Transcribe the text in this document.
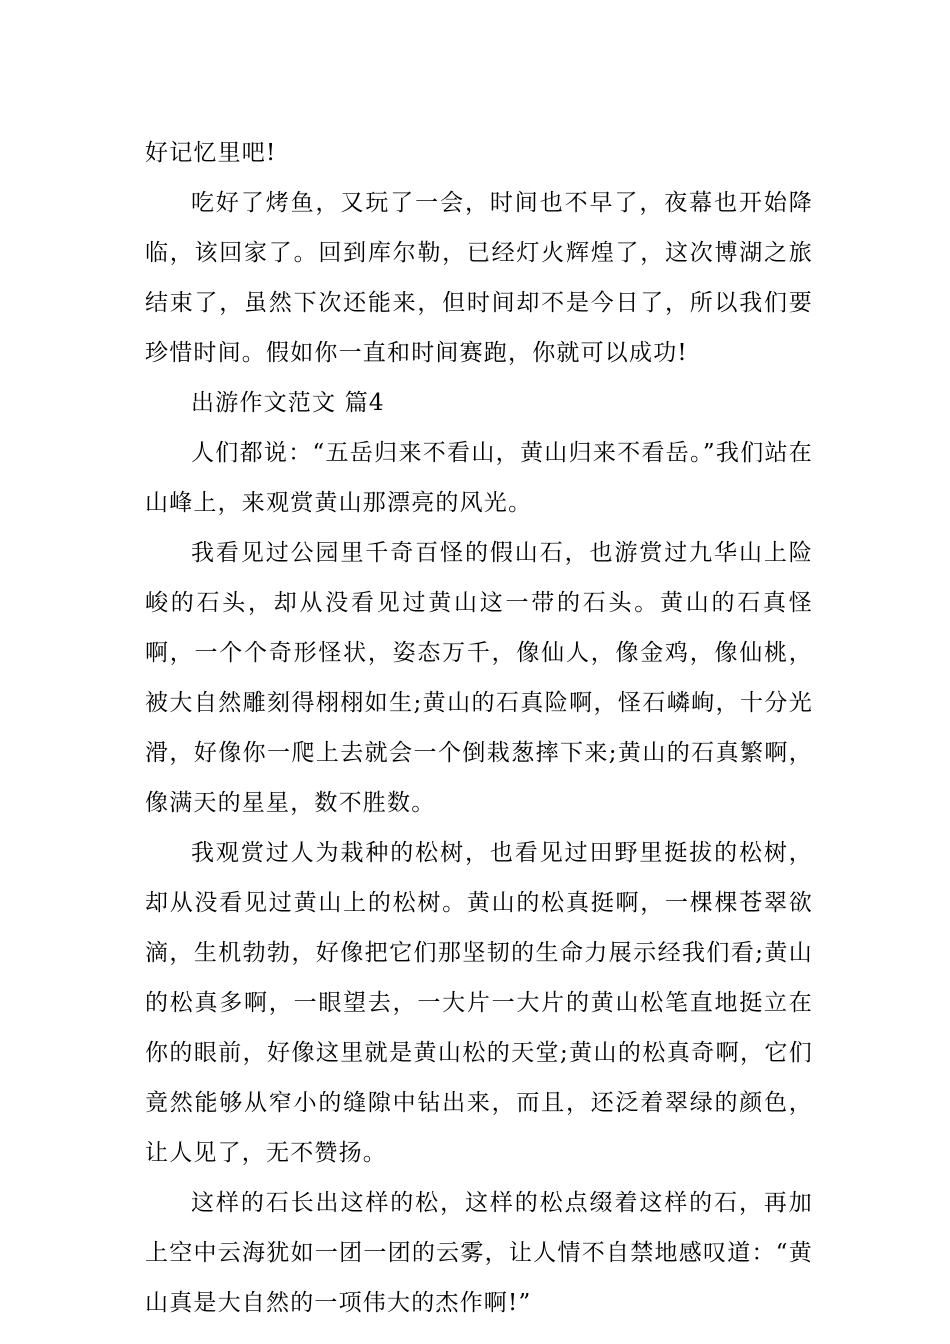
好记忆里吧!

吃好了烤鱼，又玩了一会，时间也不早了，夜幕也开始降临，该回家了。回到库尔勒，已经灯火辉煌了，这次博湖之旅结束了，虽然下次还能来，但时间却不是今日了，所以我们要珍惜时间。假如你一直和时间赛跑，你就可以成功!

出游作文范文 篇4

人们都说：“五岳归来不看山，黄山归来不看岳。”我们站在山峰上，来观赏黄山那漂亮的风光。

我看见过公园里千奇百怪的假山石，也游赏过九华山上险峻的石头，却从没看见过黄山这一带的石头。黄山的石真怪啊，一个个奇形怪状，姿态万千，像仙人，像金鸡，像仙桃，被大自然雕刻得栩栩如生;黄山的石真险啊，怪石嶙峋，十分光滑，好像你一爬上去就会一个倒栽葱摔下来;黄山的石真繁啊，像满天的星星，数不胜数。

我观赏过人为栽种的松树，也看见过田野里挺拔的松树，却从没看见过黄山上的松树。黄山的松真挺啊，一棵棵苍翠欲滴，生机勃勃，好像把它们那坚韧的生命力展示经我们看;黄山的松真多啊，一眼望去，一大片一大片的黄山松笔直地挺立在你的眼前，好像这里就是黄山松的天堂;黄山的松真奇啊，它们竟然能够从窄小的缝隙中钻出来，而且，还泛着翠绿的颜色，让人见了，无不赞扬。

这样的石长出这样的松，这样的松点缀着这样的石，再加上空中云海犹如一团一团的云雾，让人情不自禁地感叹道：“黄山真是大自然的一项伟大的杰作啊!”
